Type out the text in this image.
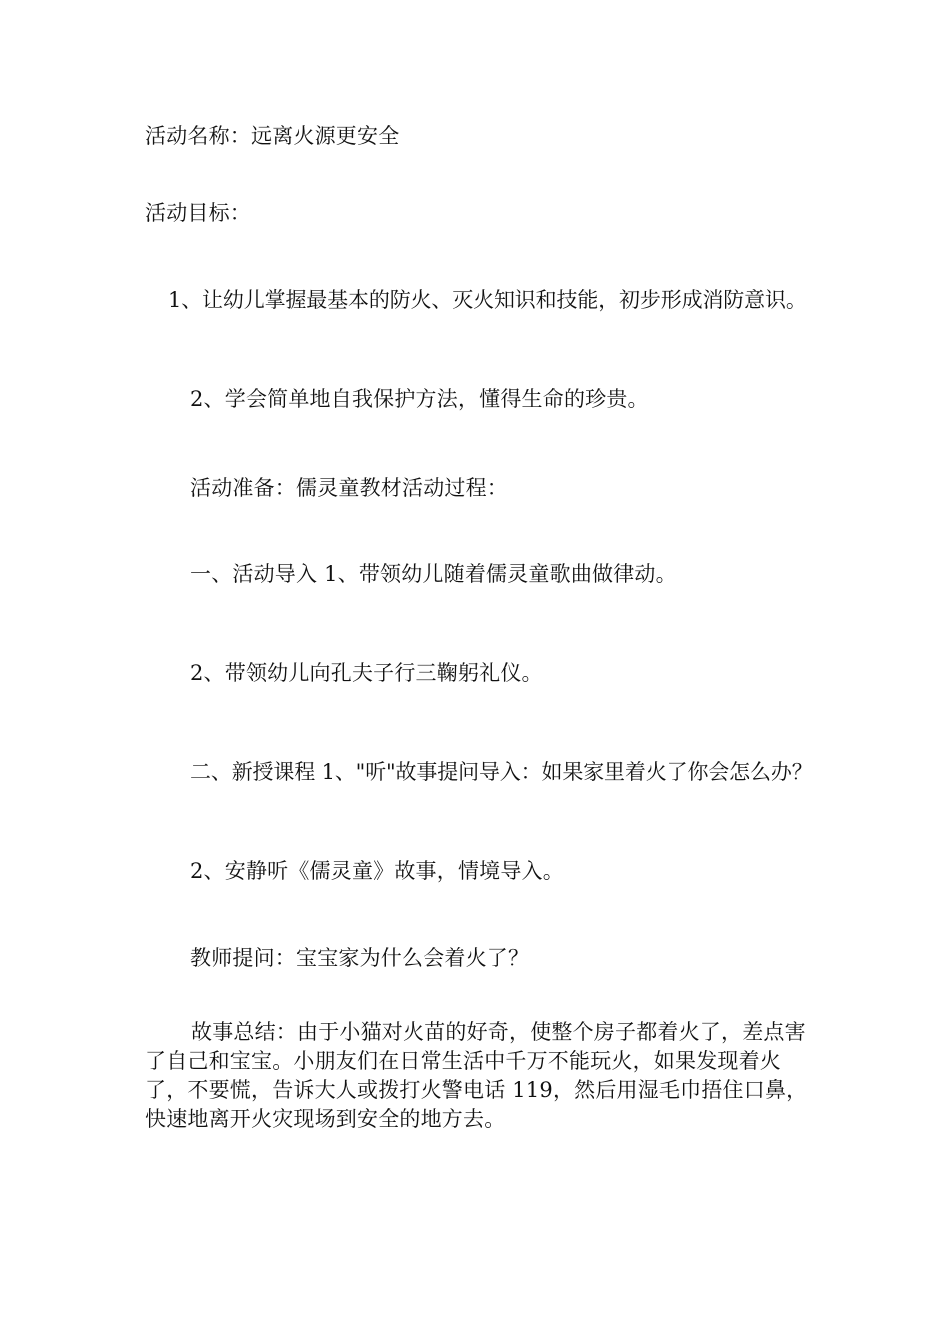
活动名称：远离火源更安全
活动目标：
1、让幼儿掌握最基本的防火、灭火知识和技能，初步形成消防意识。
2、学会简单地自我保护方法，懂得生命的珍贵。
活动准备：儒灵童教材活动过程：
一、活动导入 1、带领幼儿随着儒灵童歌曲做律动。
2、带领幼儿向孔夫子行三鞠躬礼仪。
二、新授课程 1、"听"故事提问导入：如果家里着火了你会怎么办？
2、安静听《儒灵童》故事，情境导入。
教师提问：宝宝家为什么会着火了？
故事总结：由于小猫对火苗的好奇，使整个房子都着火了，差点害了自己和宝宝。小朋友们在日常生活中千万不能玩火，如果发现着火了，不要慌，告诉大人或拨打火警电话 119，然后用湿毛巾捂住口鼻，快速地离开火灾现场到安全的地方去。
